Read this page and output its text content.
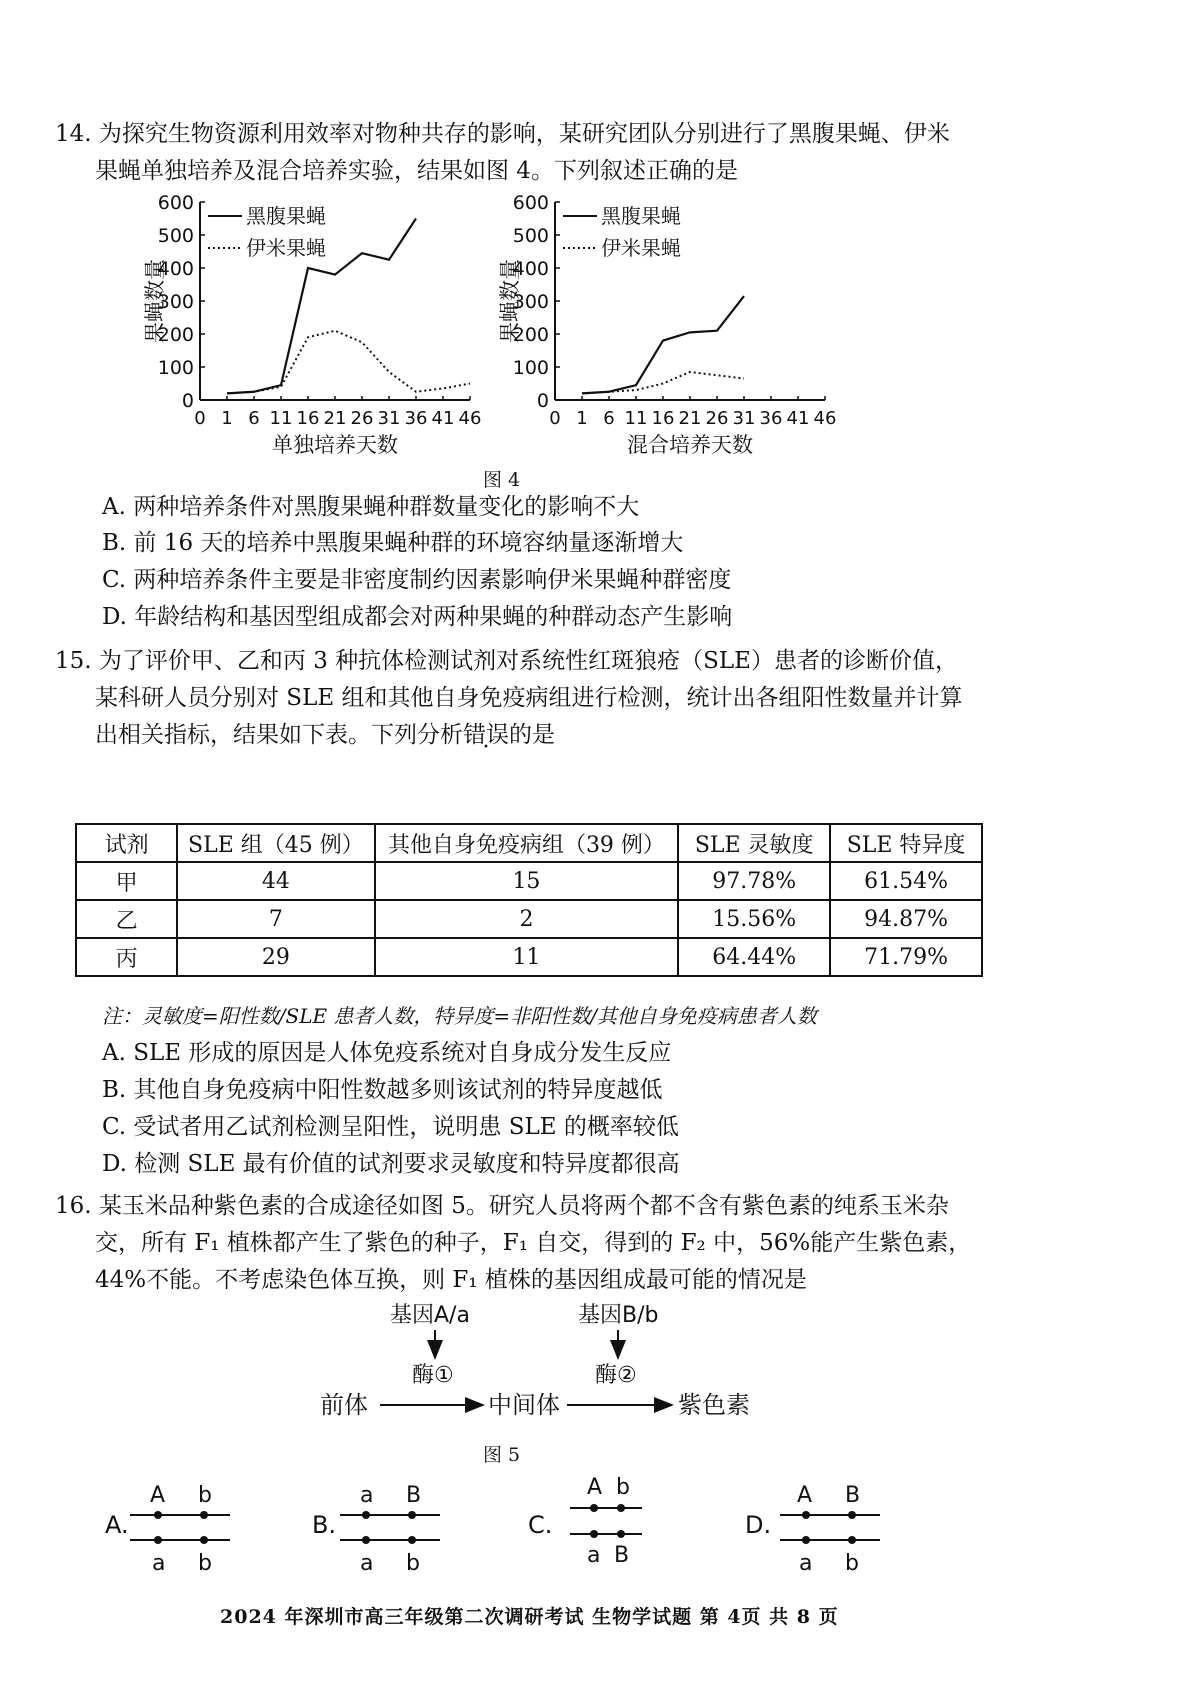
14. 为探究生物资源利用效率对物种共存的影响，某研究团队分别进行了黑腹果蝇、伊米
果蝇单独培养及混合培养实验，结果如图 4。下列叙述正确的是
0
100
200
300
400
500
600
0 1 6 11 16 21 26 31 36 41 46
单独培养天数
果蝇数量
黑腹果蝇
伊米果蝇
0
100
200
300
400
500
600
0 1 6 11 16 21 26 31 36 41 46
混合培养天数
果蝇数量
黑腹果蝇
伊米果蝇
图 4
A. 两种培养条件对黑腹果蝇种群数量变化的影响不大
B. 前 16 天的培养中黑腹果蝇种群的环境容纳量逐渐增大
C. 两种培养条件主要是非密度制约因素影响伊米果蝇种群密度
D. 年龄结构和基因型组成都会对两种果蝇的种群动态产生影响
15. 为了评价甲、乙和丙 3 种抗体检测试剂对系统性红斑狼疮（SLE）患者的诊断价值，
某科研人员分别对 SLE 组和其他自身免疫病组进行检测，统计出各组阳性数量并计算
出相关指标，结果如下表。下列分析错误的是
试剂	SLE 组（45 例）	其他自身免疫病组（39 例）	SLE 灵敏度	SLE 特异度
甲	44	15	97.78%	61.54%
乙	7	2	15.56%	94.87%
丙	29	11	64.44%	71.79%
注：灵敏度=阳性数/SLE 患者人数，特异度=非阳性数/其他自身免疫病患者人数
A. SLE 形成的原因是人体免疫系统对自身成分发生反应
B. 其他自身免疫病中阳性数越多则该试剂的特异度越低
C. 受试者用乙试剂检测呈阳性，说明患 SLE 的概率较低
D. 检测 SLE 最有价值的试剂要求灵敏度和特异度都很高
16. 某玉米品种紫色素的合成途径如图 5。研究人员将两个都不含有紫色素的纯系玉米杂
交，所有 F₁ 植株都产生了紫色的种子，F₁ 自交，得到的 F₂ 中，56%能产生紫色素，
44%不能。不考虑染色体互换，则 F₁ 植株的基因组成最可能的情况是
基因A/a
酶①
前体	中间体
基因B/b
酶②
紫色素
图 5
A.
A b
a b
B.
a B
a b
C.
A b
a B
D.
A B
a b
2024 年深圳市高三年级第二次调研考试 生物学试题 第 4页 共 8 页
